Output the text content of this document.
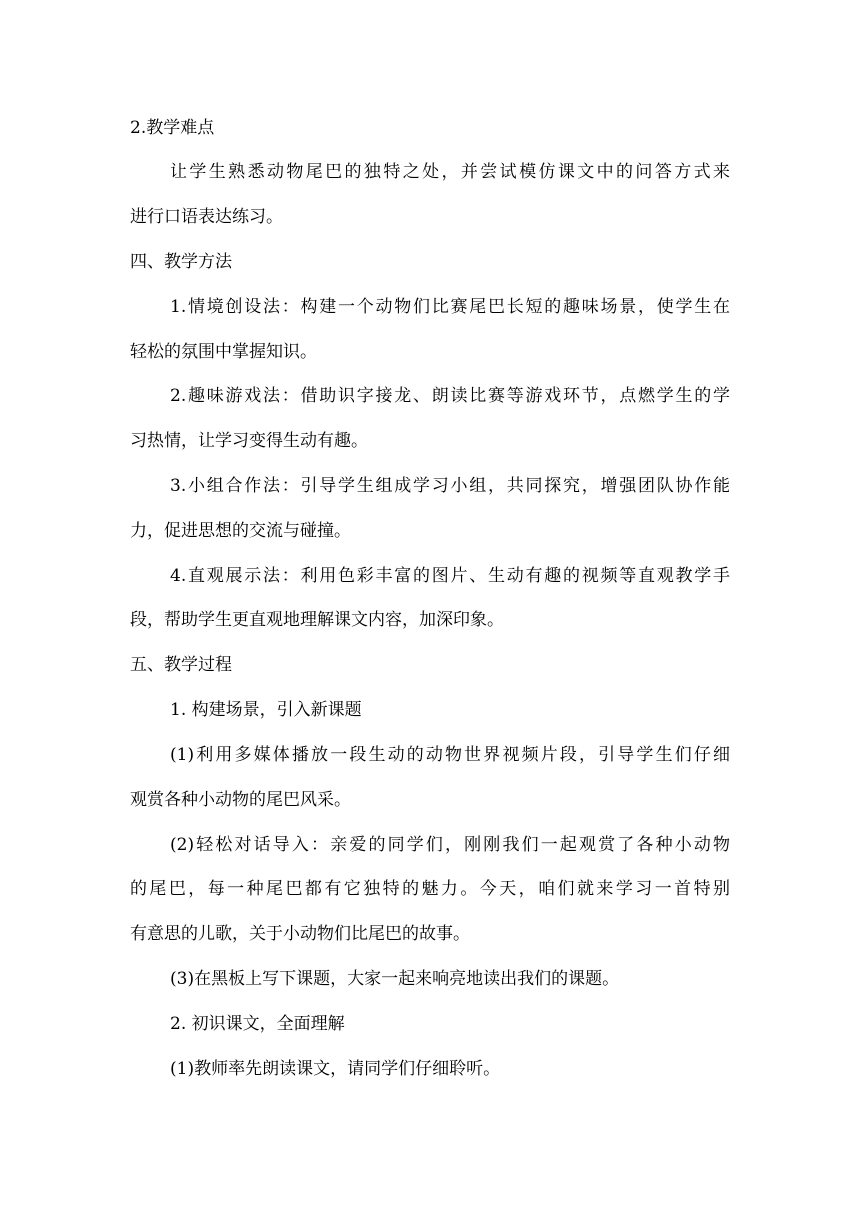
2.教学难点
让学生熟悉动物尾巴的独特之处，并尝试模仿课文中的问答方式来
进行口语表达练习。
四、教学方法
1.情境创设法：构建一个动物们比赛尾巴长短的趣味场景，使学生在
轻松的氛围中掌握知识。
2.趣味游戏法：借助识字接龙、朗读比赛等游戏环节，点燃学生的学
习热情，让学习变得生动有趣。
3.小组合作法：引导学生组成学习小组，共同探究，增强团队协作能
力，促进思想的交流与碰撞。
4.直观展示法：利用色彩丰富的图片、生动有趣的视频等直观教学手
段，帮助学生更直观地理解课文内容，加深印象。
五、教学过程
1. 构建场景，引入新课题
(1)利用多媒体播放一段生动的动物世界视频片段，引导学生们仔细
观赏各种小动物的尾巴风采。
(2)轻松对话导入：亲爱的同学们，刚刚我们一起观赏了各种小动物
的尾巴，每一种尾巴都有它独特的魅力。今天，咱们就来学习一首特别
有意思的儿歌，关于小动物们比尾巴的故事。
(3)在黑板上写下课题，大家一起来响亮地读出我们的课题。
2. 初识课文，全面理解
(1)教师率先朗读课文，请同学们仔细聆听。
